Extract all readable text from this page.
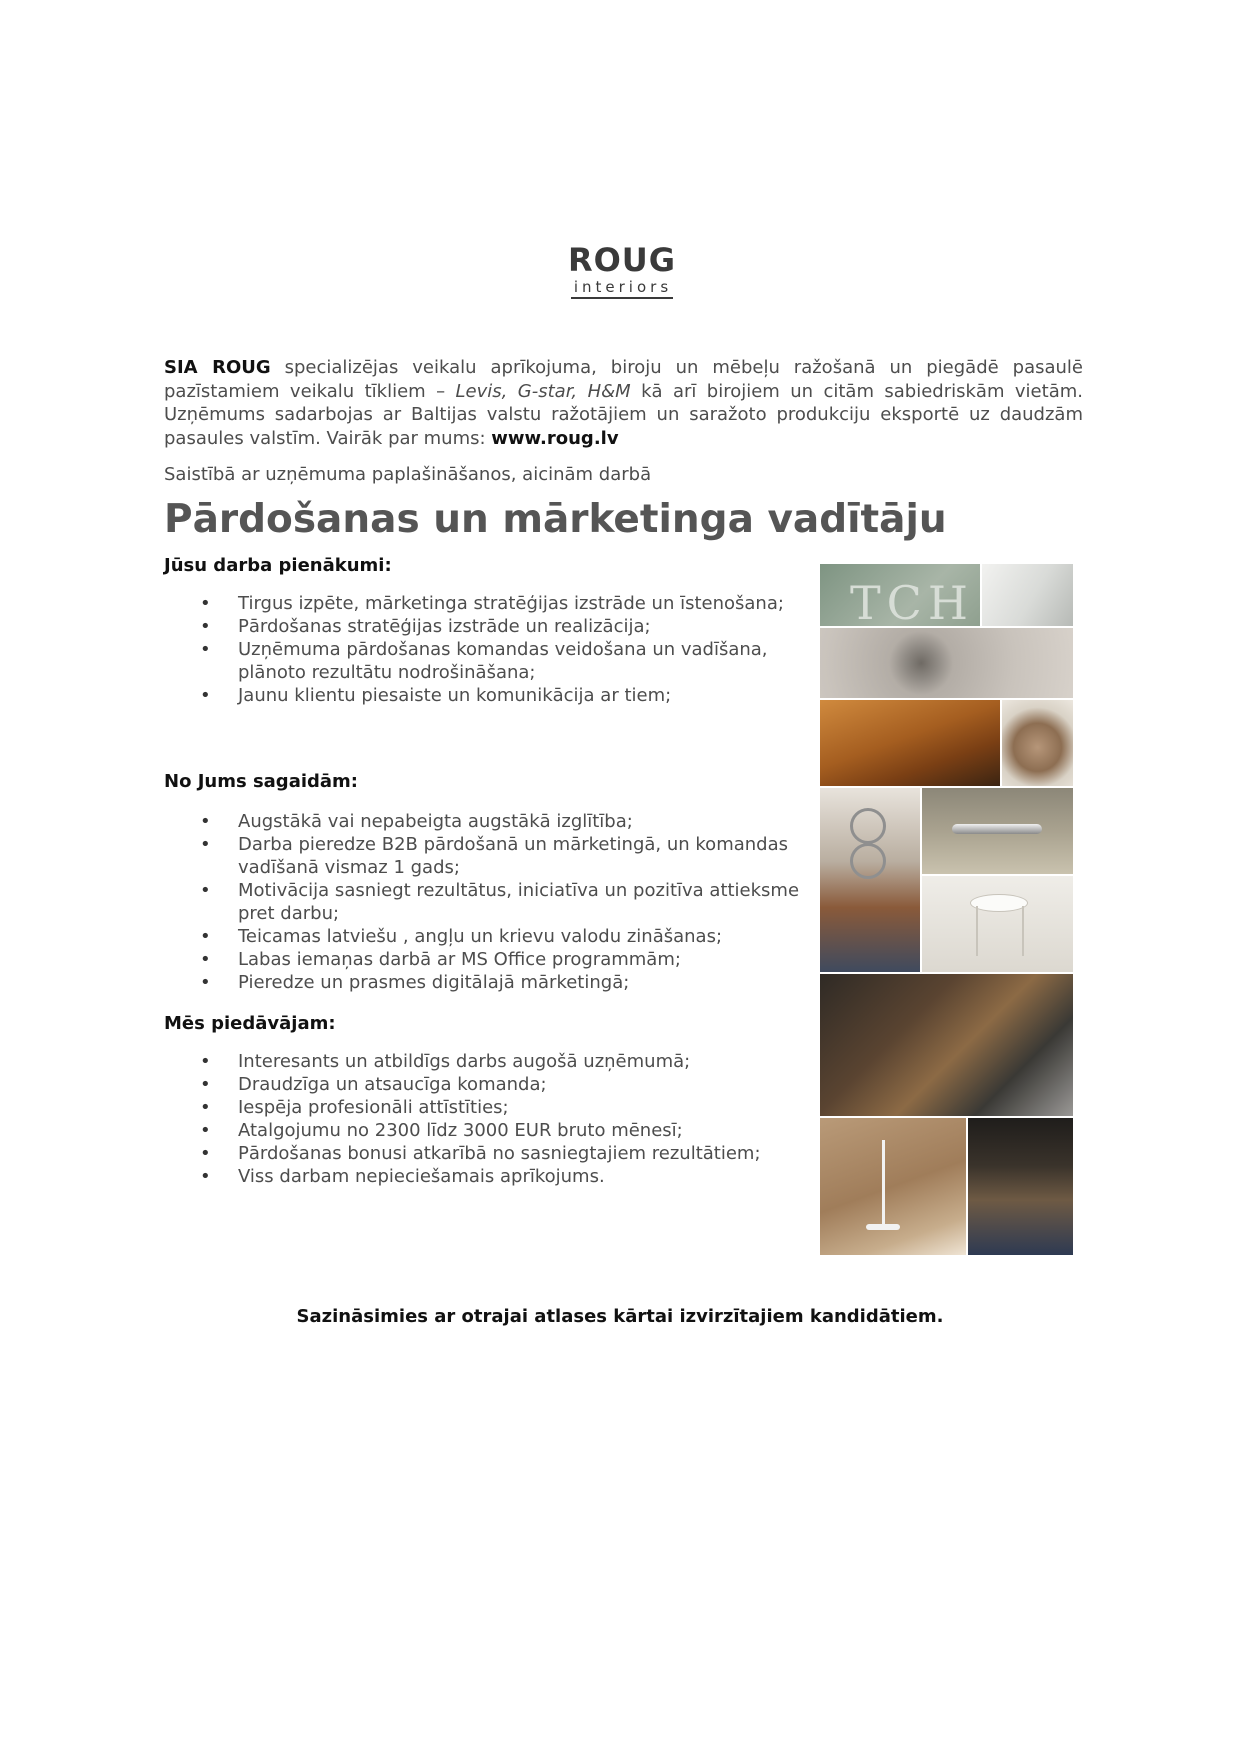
ROUG
interiors

SIA ROUG specializējas veikalu aprīkojuma, biroju un mēbeļu ražošanā un piegādē pasaulē pazīstamiem veikalu tīkliem – Levis, G-star, H&M kā arī birojiem un citām sabiedriskām vietām. Uzņēmums sadarbojas ar Baltijas valstu ražotājiem un saražoto produkciju eksportē uz daudzām pasaules valstīm. Vairāk par mums: www.roug.lv

Saistībā ar uzņēmuma paplašināšanos, aicinām darbā

Pārdošanas un mārketinga vadītāju
Jūsu darba pienākumi:
• Tirgus izpēte, mārketinga stratēģijas izstrāde un īstenošana;
• Pārdošanas stratēģijas izstrāde un realizācija;
• Uzņēmuma pārdošanas komandas veidošana un vadīšana, plānoto rezultātu nodrošināšana;
• Jaunu klientu piesaiste un komunikācija ar tiem;
No Jums sagaidām:
• Augstākā vai nepabeigta augstākā izglītība;
• Darba pieredze B2B pārdošanā un mārketingā, un komandas vadīšanā vismaz 1 gads;
• Motivācija sasniegt rezultātus, iniciatīva un pozitīva attieksme pret darbu;
• Teicamas latviešu , angļu un krievu valodu zināšanas;
• Labas iemaņas darbā ar MS Office programmām;
• Pieredze un prasmes digitālajā mārketingā;
Mēs piedāvājam:
• Interesants un atbildīgs darbs augošā uzņēmumā;
• Draudzīga un atsaucīga komanda;
• Iespēja profesionāli attīstīties;
• Atalgojumu no 2300 līdz 3000 EUR bruto mēnesī;
• Pārdošanas bonusi atkarībā no sasniegtajiem rezultātiem;
• Viss darbam nepieciešamais aprīkojums.
TCH

Sazināsimies ar otrajai atlases kārtai izvirzītajiem kandidātiem.
